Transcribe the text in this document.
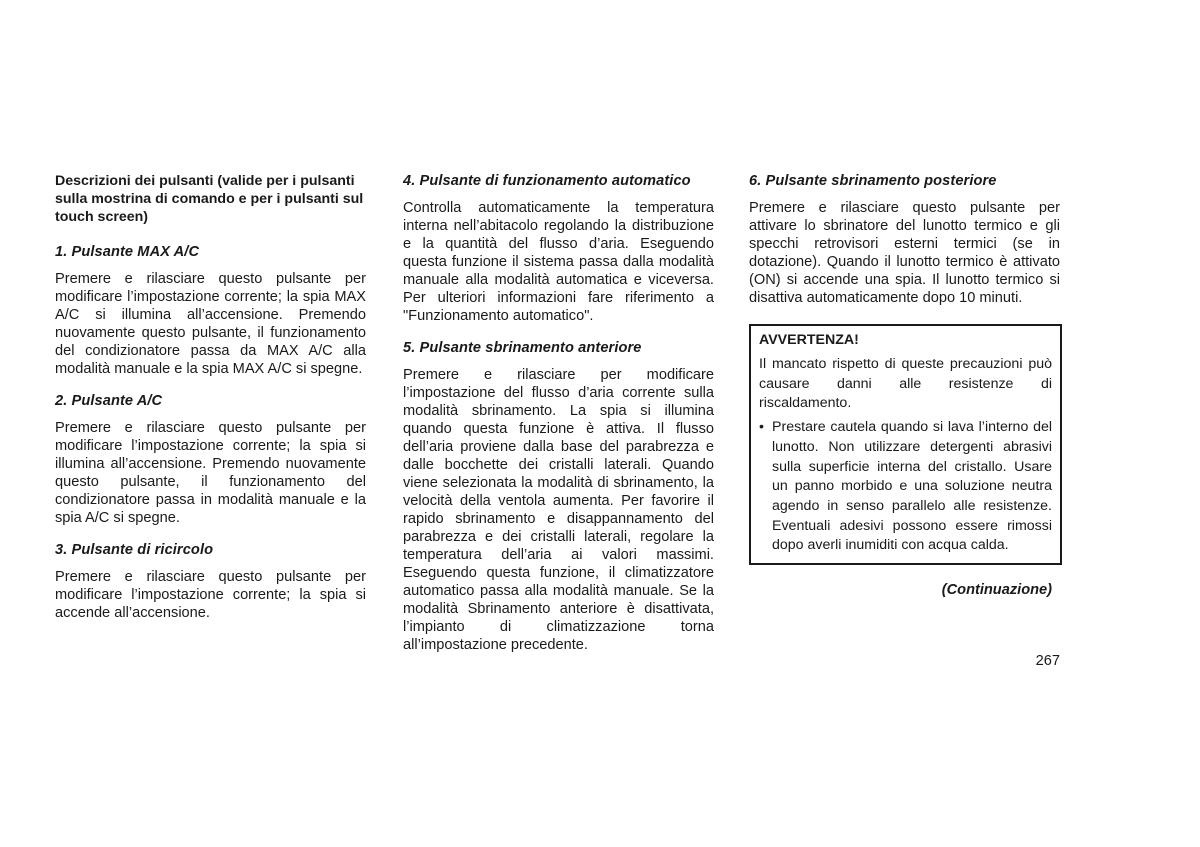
Descrizioni dei pulsanti (valide per i pulsanti sulla mostrina di comando e per i pulsanti sul touch screen)

1. Pulsante MAX A/C

Premere e rilasciare questo pulsante per modificare l’impostazione corrente; la spia MAX A/C si illumina all’accensione. Premendo nuovamente questo pulsante, il funzionamento del condizionatore passa da MAX A/C alla modalità manuale e la spia MAX A/C si spegne.

2. Pulsante A/C

Premere e rilasciare questo pulsante per modificare l’impostazione corrente; la spia si illumina all’accensione. Premendo nuovamente questo pulsante, il funzionamento del condizionatore passa in modalità manuale e la spia A/C si spegne.

3. Pulsante di ricircolo

Premere e rilasciare questo pulsante per modificare l’impostazione corrente; la spia si accende all’accensione.

4. Pulsante di funzionamento automatico

Controlla automaticamente la temperatura interna nell’abitacolo regolando la distribuzione e la quantità del flusso d’aria. Eseguendo questa funzione il sistema passa dalla modalità manuale alla modalità automatica e viceversa. Per ulteriori informazioni fare riferimento a "Funzionamento automatico".

5. Pulsante sbrinamento anteriore

Premere e rilasciare per modificare l’impostazione del flusso d’aria corrente sulla modalità sbrinamento. La spia si illumina quando questa funzione è attiva. Il flusso dell’aria proviene dalla base del parabrezza e dalle bocchette dei cristalli laterali. Quando viene selezionata la modalità di sbrinamento, la velocità della ventola aumenta. Per favorire il rapido sbrinamento e disappannamento del parabrezza e dei cristalli laterali, regolare la temperatura dell’aria ai valori massimi. Eseguendo questa funzione, il climatizzatore automatico passa alla modalità manuale. Se la modalità Sbrinamento anteriore è disattivata, l’impianto di climatizzazione torna all’impostazione precedente.

6. Pulsante sbrinamento posteriore

Premere e rilasciare questo pulsante per attivare lo sbrinatore del lunotto termico e gli specchi retrovisori esterni termici (se in dotazione). Quando il lunotto termico è attivato (ON) si accende una spia. Il lunotto termico si disattiva automaticamente dopo 10 minuti.

AVVERTENZA!

Il mancato rispetto di queste precauzioni può causare danni alle resistenze di riscaldamento.

• Prestare cautela quando si lava l’interno del lunotto. Non utilizzare detergenti abrasivi sulla superficie interna del cristallo. Usare un panno morbido e una soluzione neutra agendo in senso parallelo alle resistenze. Eventuali adesivi possono essere rimossi dopo averli inumiditi con acqua calda.
(Continuazione)
267
